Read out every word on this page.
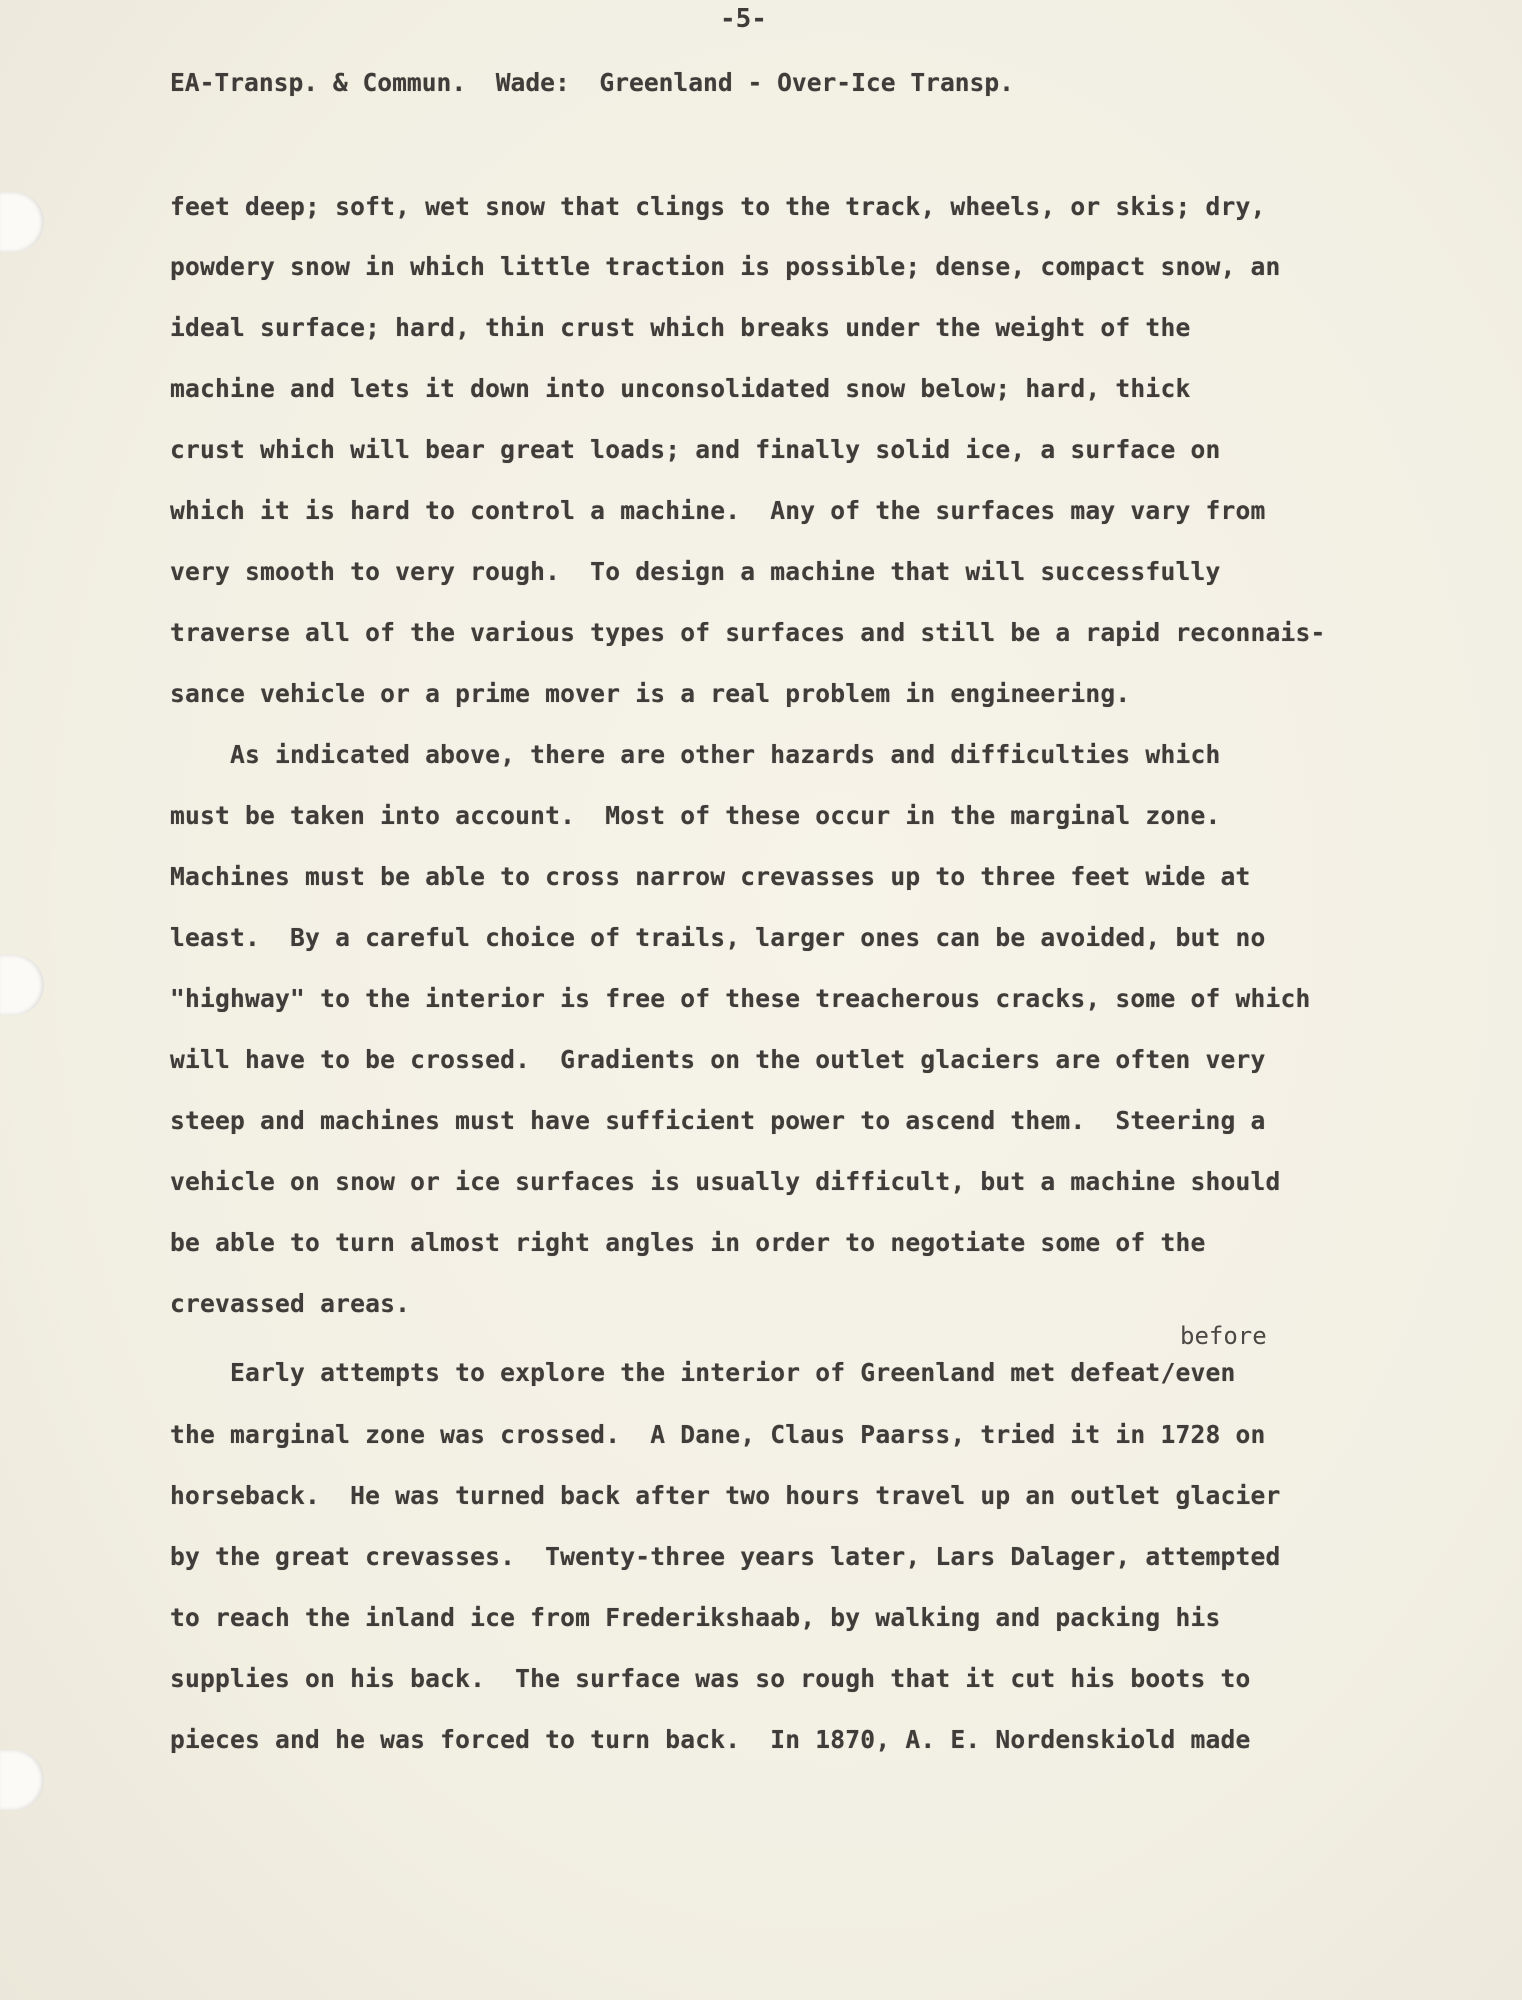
-5-
EA-Transp. & Commun.  Wade:  Greenland - Over-Ice Transp.

feet deep; soft, wet snow that clings to the track, wheels, or skis; dry,

powdery snow in which little traction is possible; dense, compact snow, an

ideal surface; hard, thin crust which breaks under the weight of the

machine and lets it down into unconsolidated snow below; hard, thick

crust which will bear great loads; and finally solid ice, a surface on

which it is hard to control a machine.  Any of the surfaces may vary from

very smooth to very rough.  To design a machine that will successfully

traverse all of the various types of surfaces and still be a rapid reconnais-

sance vehicle or a prime mover is a real problem in engineering.

As indicated above, there are other hazards and difficulties which

must be taken into account.  Most of these occur in the marginal zone.

Machines must be able to cross narrow crevasses up to three feet wide at

least.  By a careful choice of trails, larger ones can be avoided, but no

"highway" to the interior is free of these treacherous cracks, some of which

will have to be crossed.  Gradients on the outlet glaciers are often very

steep and machines must have sufficient power to ascend them.  Steering a

vehicle on snow or ice surfaces is usually difficult, but a machine should

be able to turn almost right angles in order to negotiate some of the

crevassed areas.

before

Early attempts to explore the interior of Greenland met defeat/even

the marginal zone was crossed.  A Dane, Claus Paarss, tried it in 1728 on

horseback.  He was turned back after two hours travel up an outlet glacier

by the great crevasses.  Twenty-three years later, Lars Dalager, attempted

to reach the inland ice from Frederikshaab, by walking and packing his

supplies on his back.  The surface was so rough that it cut his boots to

pieces and he was forced to turn back.  In 1870, A. E. Nordenskiold made
